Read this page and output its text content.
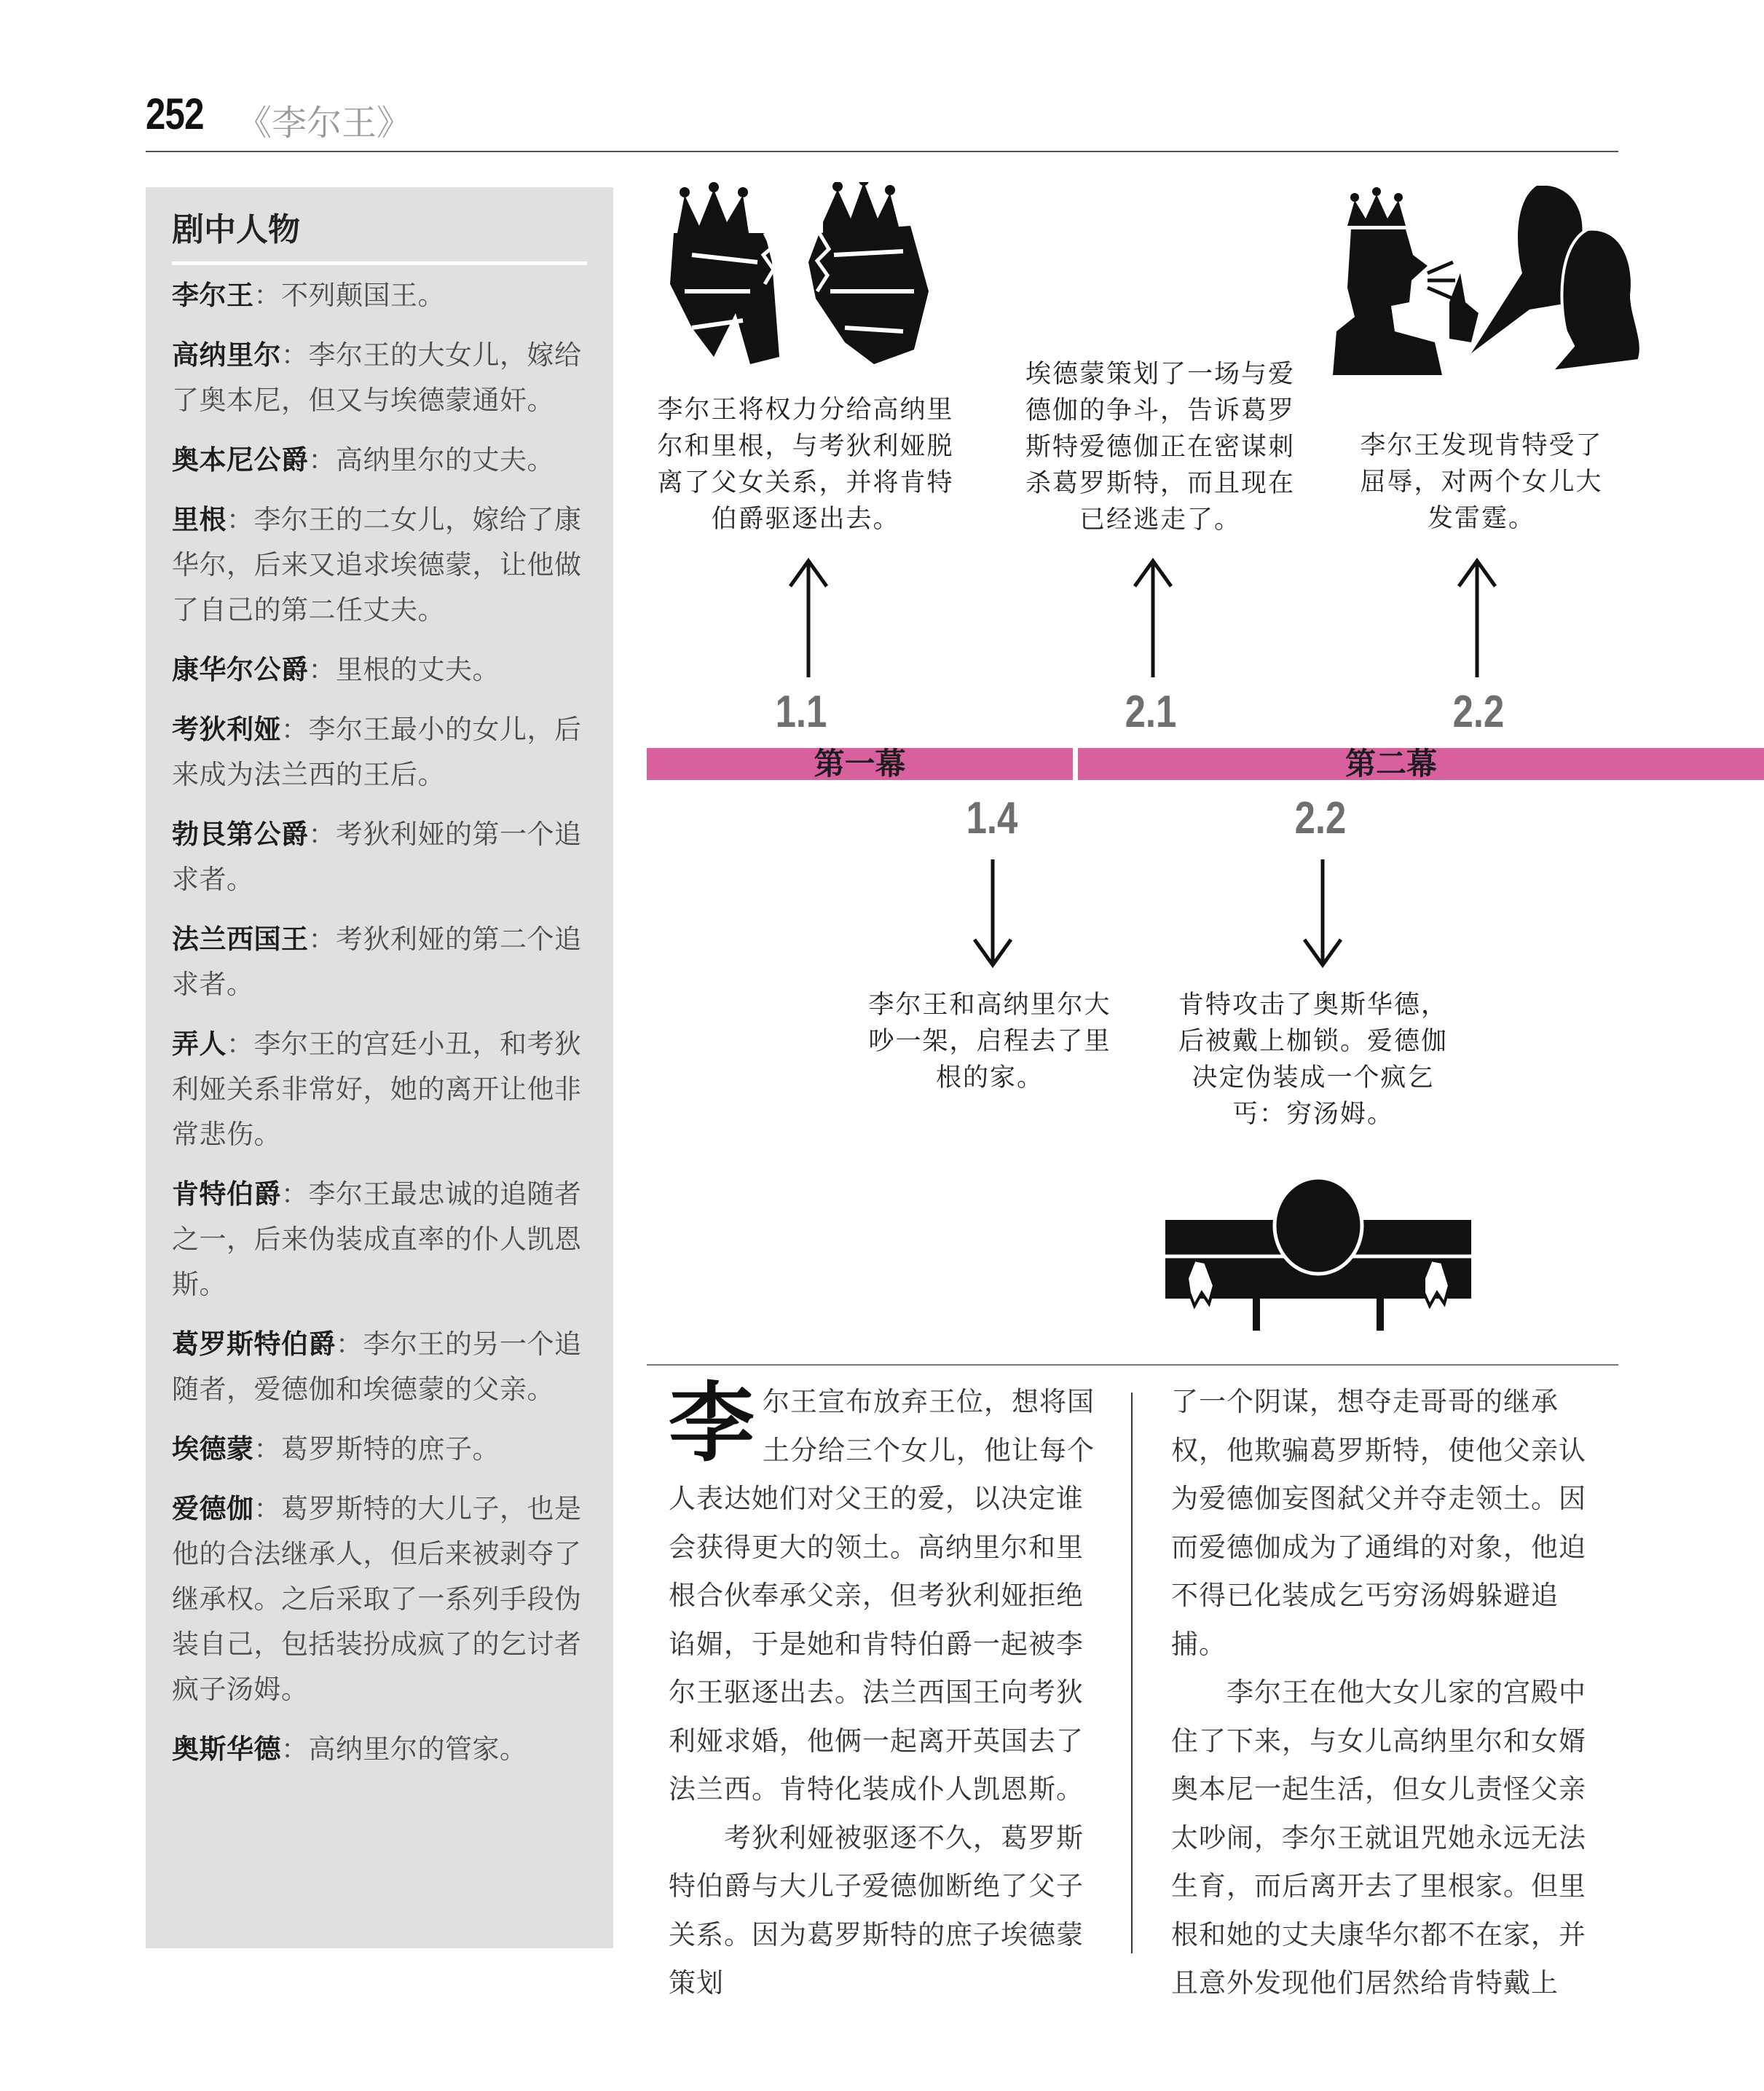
252 《李尔王》
剧中人物
李尔王：不列颠国王。
高纳里尔：李尔王的大女儿，嫁给了奥本尼，但又与埃德蒙通奸。
奥本尼公爵：高纳里尔的丈夫。
里根：李尔王的二女儿，嫁给了康华尔，后来又追求埃德蒙，让他做了自己的第二任丈夫。
康华尔公爵：里根的丈夫。
考狄利娅：李尔王最小的女儿，后来成为法兰西的王后。
勃艮第公爵：考狄利娅的第一个追求者。
法兰西国王：考狄利娅的第二个追求者。
弄人：李尔王的宫廷小丑，和考狄利娅关系非常好，她的离开让他非常悲伤。
肯特伯爵：李尔王最忠诚的追随者之一，后来伪装成直率的仆人凯恩斯。
葛罗斯特伯爵：李尔王的另一个追随者，爱德伽和埃德蒙的父亲。
埃德蒙：葛罗斯特的庶子。
爱德伽：葛罗斯特的大儿子，也是他的合法继承人，但后来被剥夺了继承权。之后采取了一系列手段伪装自己，包括装扮成疯了的乞讨者疯子汤姆。
奥斯华德：高纳里尔的管家。
李尔王将权力分给高纳里尔和里根，与考狄利娅脱离了父女关系，并将肯特伯爵驱逐出去。
埃德蒙策划了一场与爱德伽的争斗，告诉葛罗斯特爱德伽正在密谋刺杀葛罗斯特，而且现在已经逃走了。
李尔王发现肯特受了屈辱，对两个女儿大发雷霆。
1.1	2.1	2.2
第一幕	第二幕
1.4	2.2
李尔王和高纳里尔大吵一架，启程去了里根的家。
肯特攻击了奥斯华德，后被戴上枷锁。爱德伽决定伪装成一个疯乞丐：穷汤姆。

李尔王宣布放弃王位，想将国土分给三个女儿，他让每个人表达她们对父王的爱，以决定谁会获得更大的领土。高纳里尔和里根合伙奉承父亲，但考狄利娅拒绝谄媚，于是她和肯特伯爵一起被李尔王驱逐出去。法兰西国王向考狄利娅求婚，他俩一起离开英国去了法兰西。肯特化装成仆人凯恩斯。

考狄利娅被驱逐不久，葛罗斯特伯爵与大儿子爱德伽断绝了父子关系。因为葛罗斯特的庶子埃德蒙策划

了一个阴谋，想夺走哥哥的继承权，他欺骗葛罗斯特，使他父亲认为爱德伽妄图弑父并夺走领土。因而爱德伽成为了通缉的对象，他迫不得已化装成乞丐穷汤姆躲避追捕。

李尔王在他大女儿家的宫殿中住了下来，与女儿高纳里尔和女婿奥本尼一起生活，但女儿责怪父亲太吵闹，李尔王就诅咒她永远无法生育，而后离开去了里根家。但里根和她的丈夫康华尔都不在家，并且意外发现他们居然给肯特戴上
